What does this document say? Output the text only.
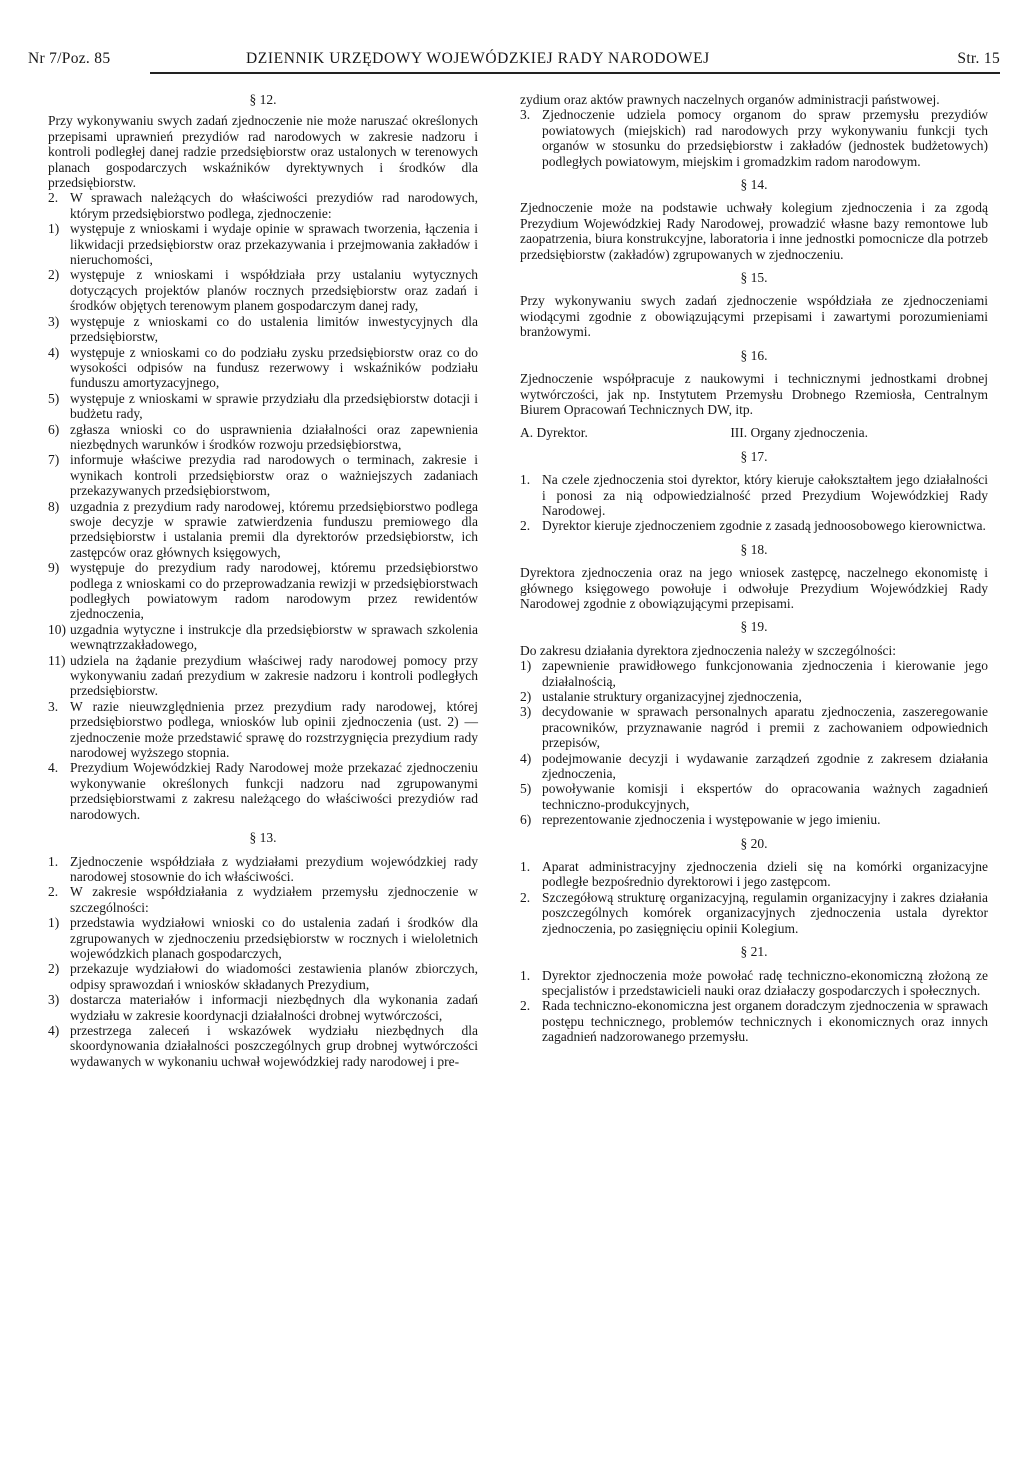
Nr 7/Poz. 85	DZIENNIK URZĘDOWY WOJEWÓDZKIEJ RADY NARODOWEJ	Str. 15

§ 12.

Przy wykonywaniu swych zadań zjednoczenie nie może naruszać określonych przepisami uprawnień prezydiów rad narodowych w zakresie nadzoru i kontroli podległej danej radzie przedsiębiorstw oraz ustalonych w terenowych planach gospodarczych wskaźników dyrektywnych i środków dla przedsiębiorstw.

2. W sprawach należących do właściwości prezydiów rad narodowych, którym przedsiębiorstwo podlega, zjednoczenie:
1) występuje z wnioskami i wydaje opinie w sprawach tworzenia, łączenia i likwidacji przedsiębiorstw oraz przekazywania i przejmowania zakładów i nieruchomości,
2) występuje z wnioskami i współdziała przy ustalaniu wytycznych dotyczących projektów planów rocznych przedsiębiorstw oraz zadań i środków objętych terenowym planem gospodarczym danej rady,
3) występuje z wnioskami co do ustalenia limitów inwestycyjnych dla przedsiębiorstw,
4) występuje z wnioskami co do podziału zysku przedsiębiorstw oraz co do wysokości odpisów na fundusz rezerwowy i wskaźników podziału funduszu amortyzacyjnego,
5) występuje z wnioskami w sprawie przydziału dla przedsiębiorstw dotacji i budżetu rady,
6) zgłasza wnioski co do usprawnienia działalności oraz zapewnienia niezbędnych warunków i środków rozwoju przedsiębiorstwa,
7) informuje właściwe prezydia rad narodowych o terminach, zakresie i wynikach kontroli przedsiębiorstw oraz o ważniejszych zadaniach przekazywanych przedsiębiorstwom,
8) uzgadnia z prezydium rady narodowej, któremu przedsiębiorstwo podlega swoje decyzje w sprawie zatwierdzenia funduszu premiowego dla przedsiębiorstw i ustalania premii dla dyrektorów przedsiębiorstw, ich zastępców oraz głównych księgowych,
9) występuje do prezydium rady narodowej, któremu przedsiębiorstwo podlega z wnioskami co do przeprowadzania rewizji w przedsiębiorstwach podległych powiatowym radom narodowym przez rewidentów zjednoczenia,
10) uzgadnia wytyczne i instrukcje dla przedsiębiorstw w sprawach szkolenia wewnątrzzakładowego,
11) udziela na żądanie prezydium właściwej rady narodowej pomocy przy wykonywaniu zadań prezydium w zakresie nadzoru i kontroli podległych przedsiębiorstw.
3. W razie nieuwzględnienia przez prezydium rady narodowej, której przedsiębiorstwo podlega, wniosków lub opinii zjednoczenia (ust. 2) — zjednoczenie może przedstawić sprawę do rozstrzygnięcia prezydium rady narodowej wyższego stopnia.
4. Prezydium Wojewódzkiej Rady Narodowej może przekazać zjednoczeniu wykonywanie określonych funkcji nadzoru nad zgrupowanymi przedsiębiorstwami z zakresu należącego do właściwości prezydiów rad narodowych.

§ 13.

1. Zjednoczenie współdziała z wydziałami prezydium wojewódzkiej rady narodowej stosownie do ich właściwości.
2. W zakresie współdziałania z wydziałem przemysłu zjednoczenie w szczególności:
1) przedstawia wydziałowi wnioski co do ustalenia zadań i środków dla zgrupowanych w zjednoczeniu przedsiębiorstw w rocznych i wieloletnich wojewódzkich planach gospodarczych,
2) przekazuje wydziałowi do wiadomości zestawienia planów zbiorczych, odpisy sprawozdań i wniosków składanych Prezydium,
3) dostarcza materiałów i informacji niezbędnych dla wykonania zadań wydziału w zakresie koordynacji działalności drobnej wytwórczości,
4) przestrzega zaleceń i wskazówek wydziału niezbędnych dla skoordynowania działalności poszczególnych grup drobnej wytwórczości wydawanych w wykonaniu uchwał wojewódzkiej rady narodowej i pre-

zydium oraz aktów prawnych naczelnych organów administracji państwowej.

3. Zjednoczenie udziela pomocy organom do spraw przemysłu prezydiów powiatowych (miejskich) rad narodowych przy wykonywaniu funkcji tych organów w stosunku do przedsiębiorstw i zakładów (jednostek budżetowych) podległych powiatowym, miejskim i gromadzkim radom narodowym.

§ 14.

Zjednoczenie może na podstawie uchwały kolegium zjednoczenia i za zgodą Prezydium Wojewódzkiej Rady Narodowej, prowadzić własne bazy remontowe lub zaopatrzenia, biura konstrukcyjne, laboratoria i inne jednostki pomocnicze dla potrzeb przedsiębiorstw (zakładów) zgrupowanych w zjednoczeniu.

§ 15.

Przy wykonywaniu swych zadań zjednoczenie współdziała ze zjednoczeniami wiodącymi zgodnie z obowiązującymi przepisami i zawartymi porozumieniami branżowymi.

§ 16.

Zjednoczenie współpracuje z naukowymi i technicznymi jednostkami drobnej wytwórczości, jak np. Instytutem Przemysłu Drobnego Rzemiosła, Centralnym Biurem Opracowań Technicznych DW, itp.

A. Dyrektor.	III. Organy zjednoczenia.

§ 17.

1. Na czele zjednoczenia stoi dyrektor, który kieruje całokształtem jego działalności i ponosi za nią odpowiedzialność przed Prezydium Wojewódzkiej Rady Narodowej.
2. Dyrektor kieruje zjednoczeniem zgodnie z zasadą jednoosobowego kierownictwa.

§ 18.

Dyrektora zjednoczenia oraz na jego wniosek zastępcę, naczelnego ekonomistę i głównego księgowego powołuje i odwołuje Prezydium Wojewódzkiej Rady Narodowej zgodnie z obowiązującymi przepisami.

§ 19.

Do zakresu działania dyrektora zjednoczenia należy w szczególności:

1) zapewnienie prawidłowego funkcjonowania zjednoczenia i kierowanie jego działalnością,
2) ustalanie struktury organizacyjnej zjednoczenia,
3) decydowanie w sprawach personalnych aparatu zjednoczenia, zaszeregowanie pracowników, przyznawanie nagród i premii z zachowaniem odpowiednich przepisów,
4) podejmowanie decyzji i wydawanie zarządzeń zgodnie z zakresem działania zjednoczenia,
5) powoływanie komisji i ekspertów do opracowania ważnych zagadnień techniczno-produkcyjnych,
6) reprezentowanie zjednoczenia i występowanie w jego imieniu.

§ 20.

1. Aparat administracyjny zjednoczenia dzieli się na komórki organizacyjne podległe bezpośrednio dyrektorowi i jego zastępcom.
2. Szczegółową strukturę organizacyjną, regulamin organizacyjny i zakres działania poszczególnych komórek organizacyjnych zjednoczenia ustala dyrektor zjednoczenia, po zasięgnięciu opinii Kolegium.

§ 21.

1. Dyrektor zjednoczenia może powołać radę techniczno-ekonomiczną złożoną ze specjalistów i przedstawicieli nauki oraz działaczy gospodarczych i społecznych.
2. Rada techniczno-ekonomiczna jest organem doradczym zjednoczenia w sprawach postępu technicznego, problemów technicznych i ekonomicznych oraz innych zagadnień nadzorowanego przemysłu.
